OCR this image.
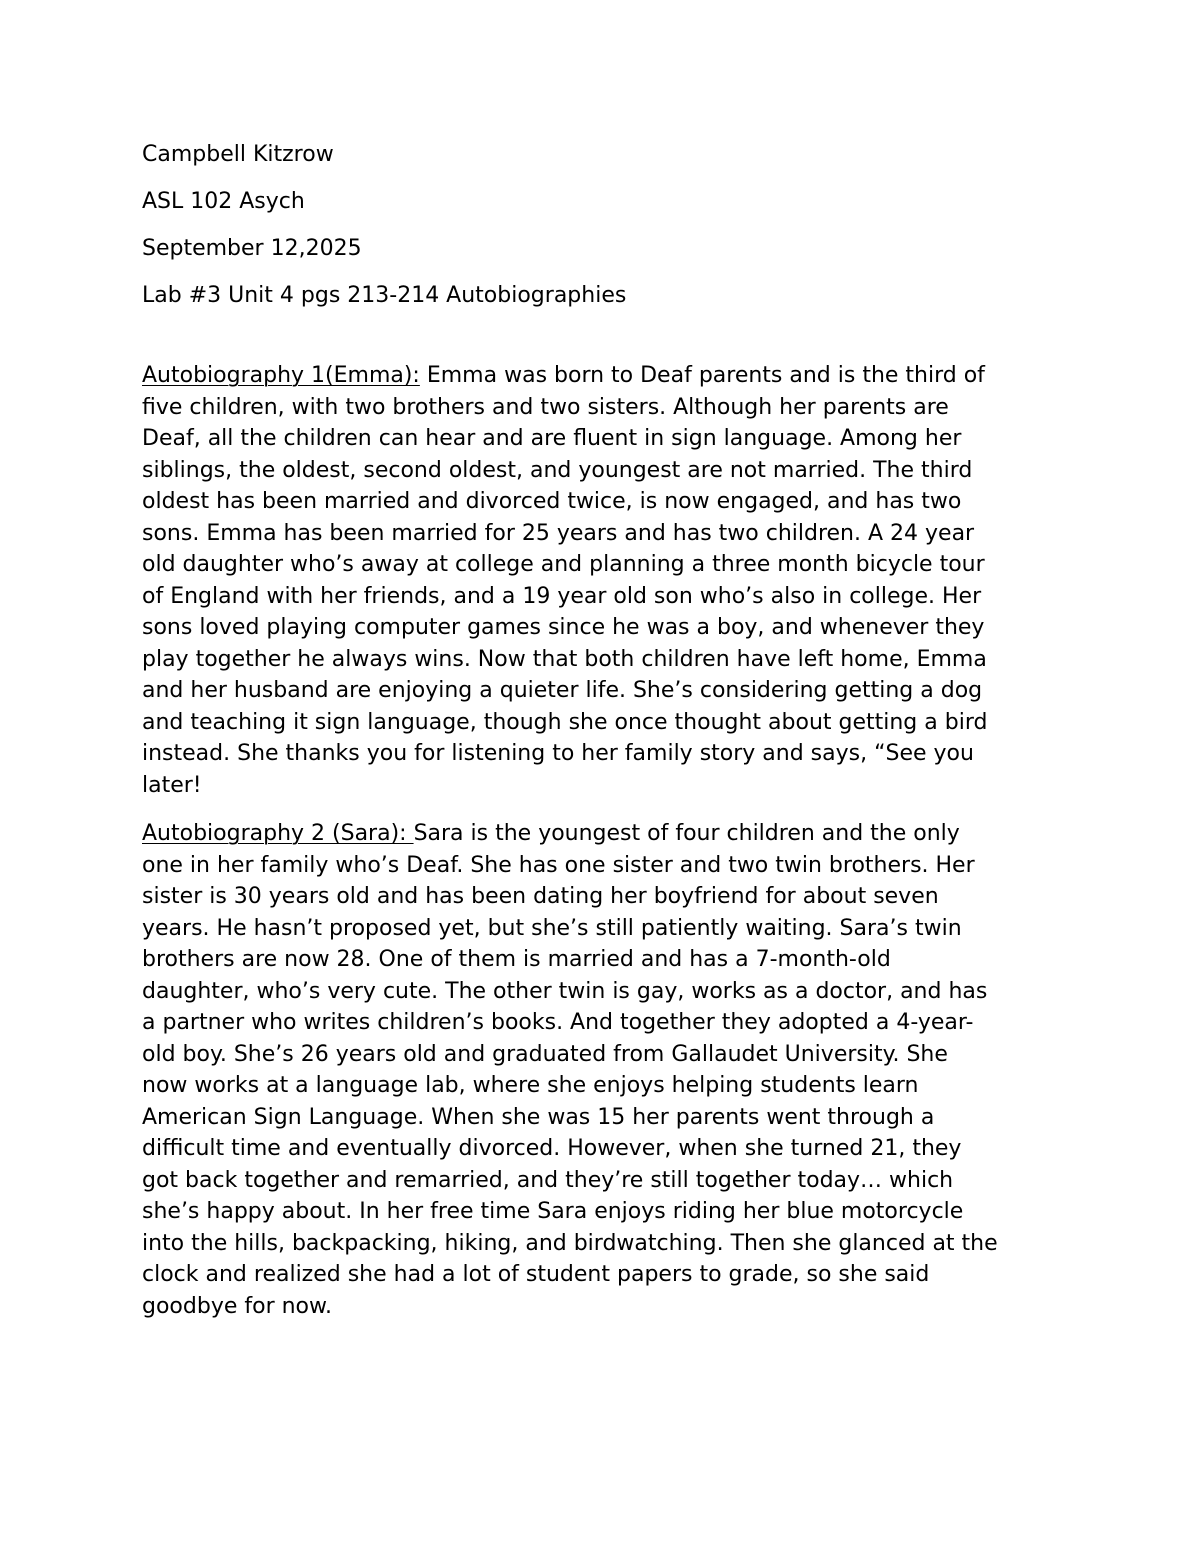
Campbell Kitzrow
ASL 102 Asych
September 12,2025
Lab #3 Unit 4 pgs 213-214 Autobiographies

Autobiography 1(Emma): Emma was born to Deaf parents and is the third of
five children, with two brothers and two sisters. Although her parents are
Deaf, all the children can hear and are fluent in sign language. Among her
siblings, the oldest, second oldest, and youngest are not married. The third
oldest has been married and divorced twice, is now engaged, and has two
sons. Emma has been married for 25 years and has two children. A 24 year
old daughter who’s away at college and planning a three month bicycle tour
of England with her friends, and a 19 year old son who’s also in college. Her
sons loved playing computer games since he was a boy, and whenever they
play together he always wins. Now that both children have left home, Emma
and her husband are enjoying a quieter life. She’s considering getting a dog
and teaching it sign language, though she once thought about getting a bird
instead. She thanks you for listening to her family story and says, “See you
later!

Autobiography 2 (Sara): Sara is the youngest of four children and the only
one in her family who’s Deaf. She has one sister and two twin brothers. Her
sister is 30 years old and has been dating her boyfriend for about seven
years. He hasn’t proposed yet, but she’s still patiently waiting. Sara’s twin
brothers are now 28. One of them is married and has a 7-month-old
daughter, who’s very cute. The other twin is gay, works as a doctor, and has
a partner who writes children’s books. And together they adopted a 4-year-
old boy. She’s 26 years old and graduated from Gallaudet University. She
now works at a language lab, where she enjoys helping students learn
American Sign Language. When she was 15 her parents went through a
difficult time and eventually divorced. However, when she turned 21, they
got back together and remarried, and they’re still together today… which
she’s happy about. In her free time Sara enjoys riding her blue motorcycle
into the hills, backpacking, hiking, and birdwatching. Then she glanced at the
clock and realized she had a lot of student papers to grade, so she said
goodbye for now.
